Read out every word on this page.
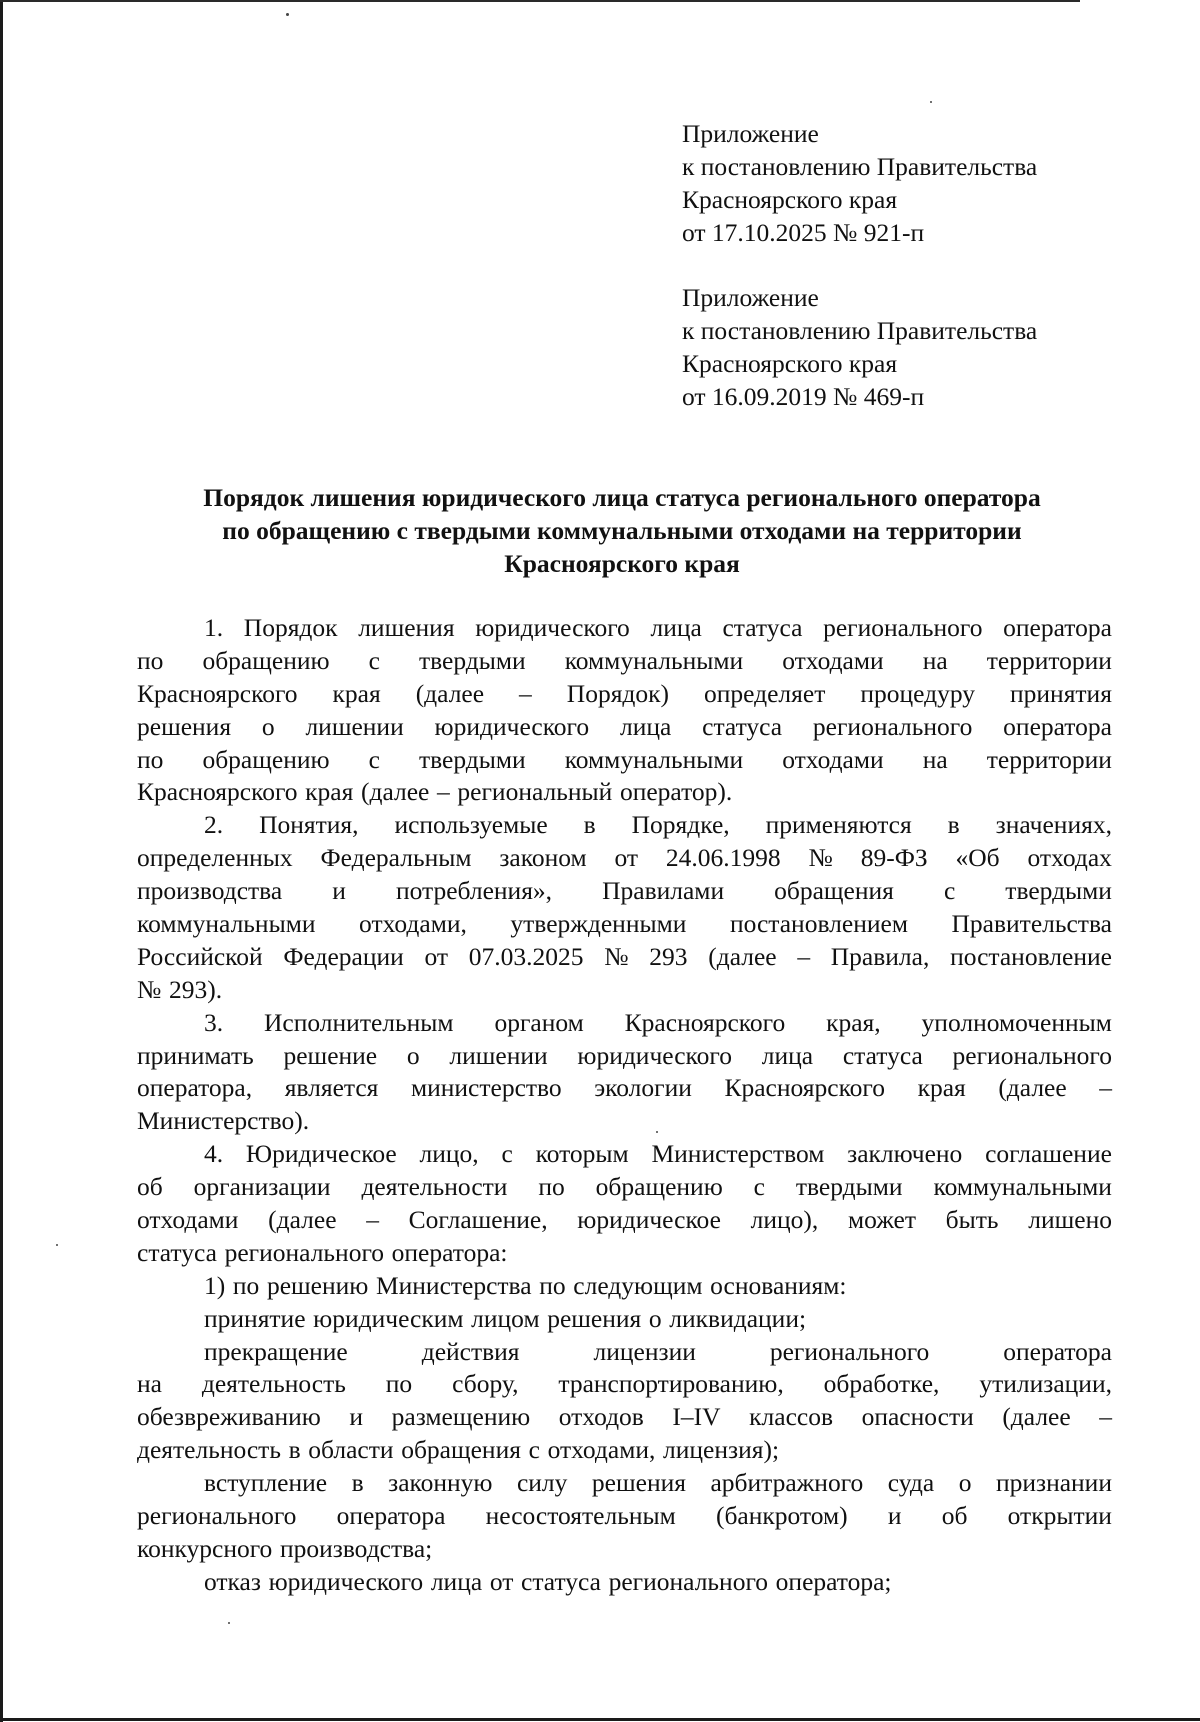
Приложение
к постановлению Правительства
Красноярского края
от 17.10.2025 № 921-п
Приложение
к постановлению Правительства
Красноярского края
от 16.09.2019 № 469-п
Порядок лишения юридического лица статуса регионального оператора
по обращению с твердыми коммунальными отходами на территории
Красноярского края
1. Порядок лишения юридического лица статуса регионального оператора
по обращению с твердыми коммунальными отходами на территории
Красноярского края (далее – Порядок) определяет процедуру принятия
решения о лишении юридического лица статуса регионального оператора
по обращению с твердыми коммунальными отходами на территории
Красноярского края (далее – региональный оператор).
2. Понятия, используемые в Порядке, применяются в значениях,
определенных Федеральным законом от 24.06.1998 № 89-ФЗ «Об отходах
производства и потребления», Правилами обращения с твердыми
коммунальными отходами, утвержденными постановлением Правительства
Российской Федерации от 07.03.2025 № 293 (далее – Правила, постановление
№ 293).
3. Исполнительным органом Красноярского края, уполномоченным
принимать решение о лишении юридического лица статуса регионального
оператора, является министерство экологии Красноярского края (далее –
Министерство).
4. Юридическое лицо, с которым Министерством заключено соглашение
об организации деятельности по обращению с твердыми коммунальными
отходами (далее – Соглашение, юридическое лицо), может быть лишено
статуса регионального оператора:
1) по решению Министерства по следующим основаниям:
принятие юридическим лицом решения о ликвидации;
прекращение	действия	лицензии	регионального	оператора
на деятельность по сбору, транспортированию, обработке, утилизации,
обезвреживанию и размещению отходов I–IV классов опасности (далее –
деятельность в области обращения с отходами, лицензия);
вступление в законную силу решения арбитражного суда о признании
регионального оператора несостоятельным (банкротом) и об открытии
конкурсного производства;
отказ юридического лица от статуса регионального оператора;
